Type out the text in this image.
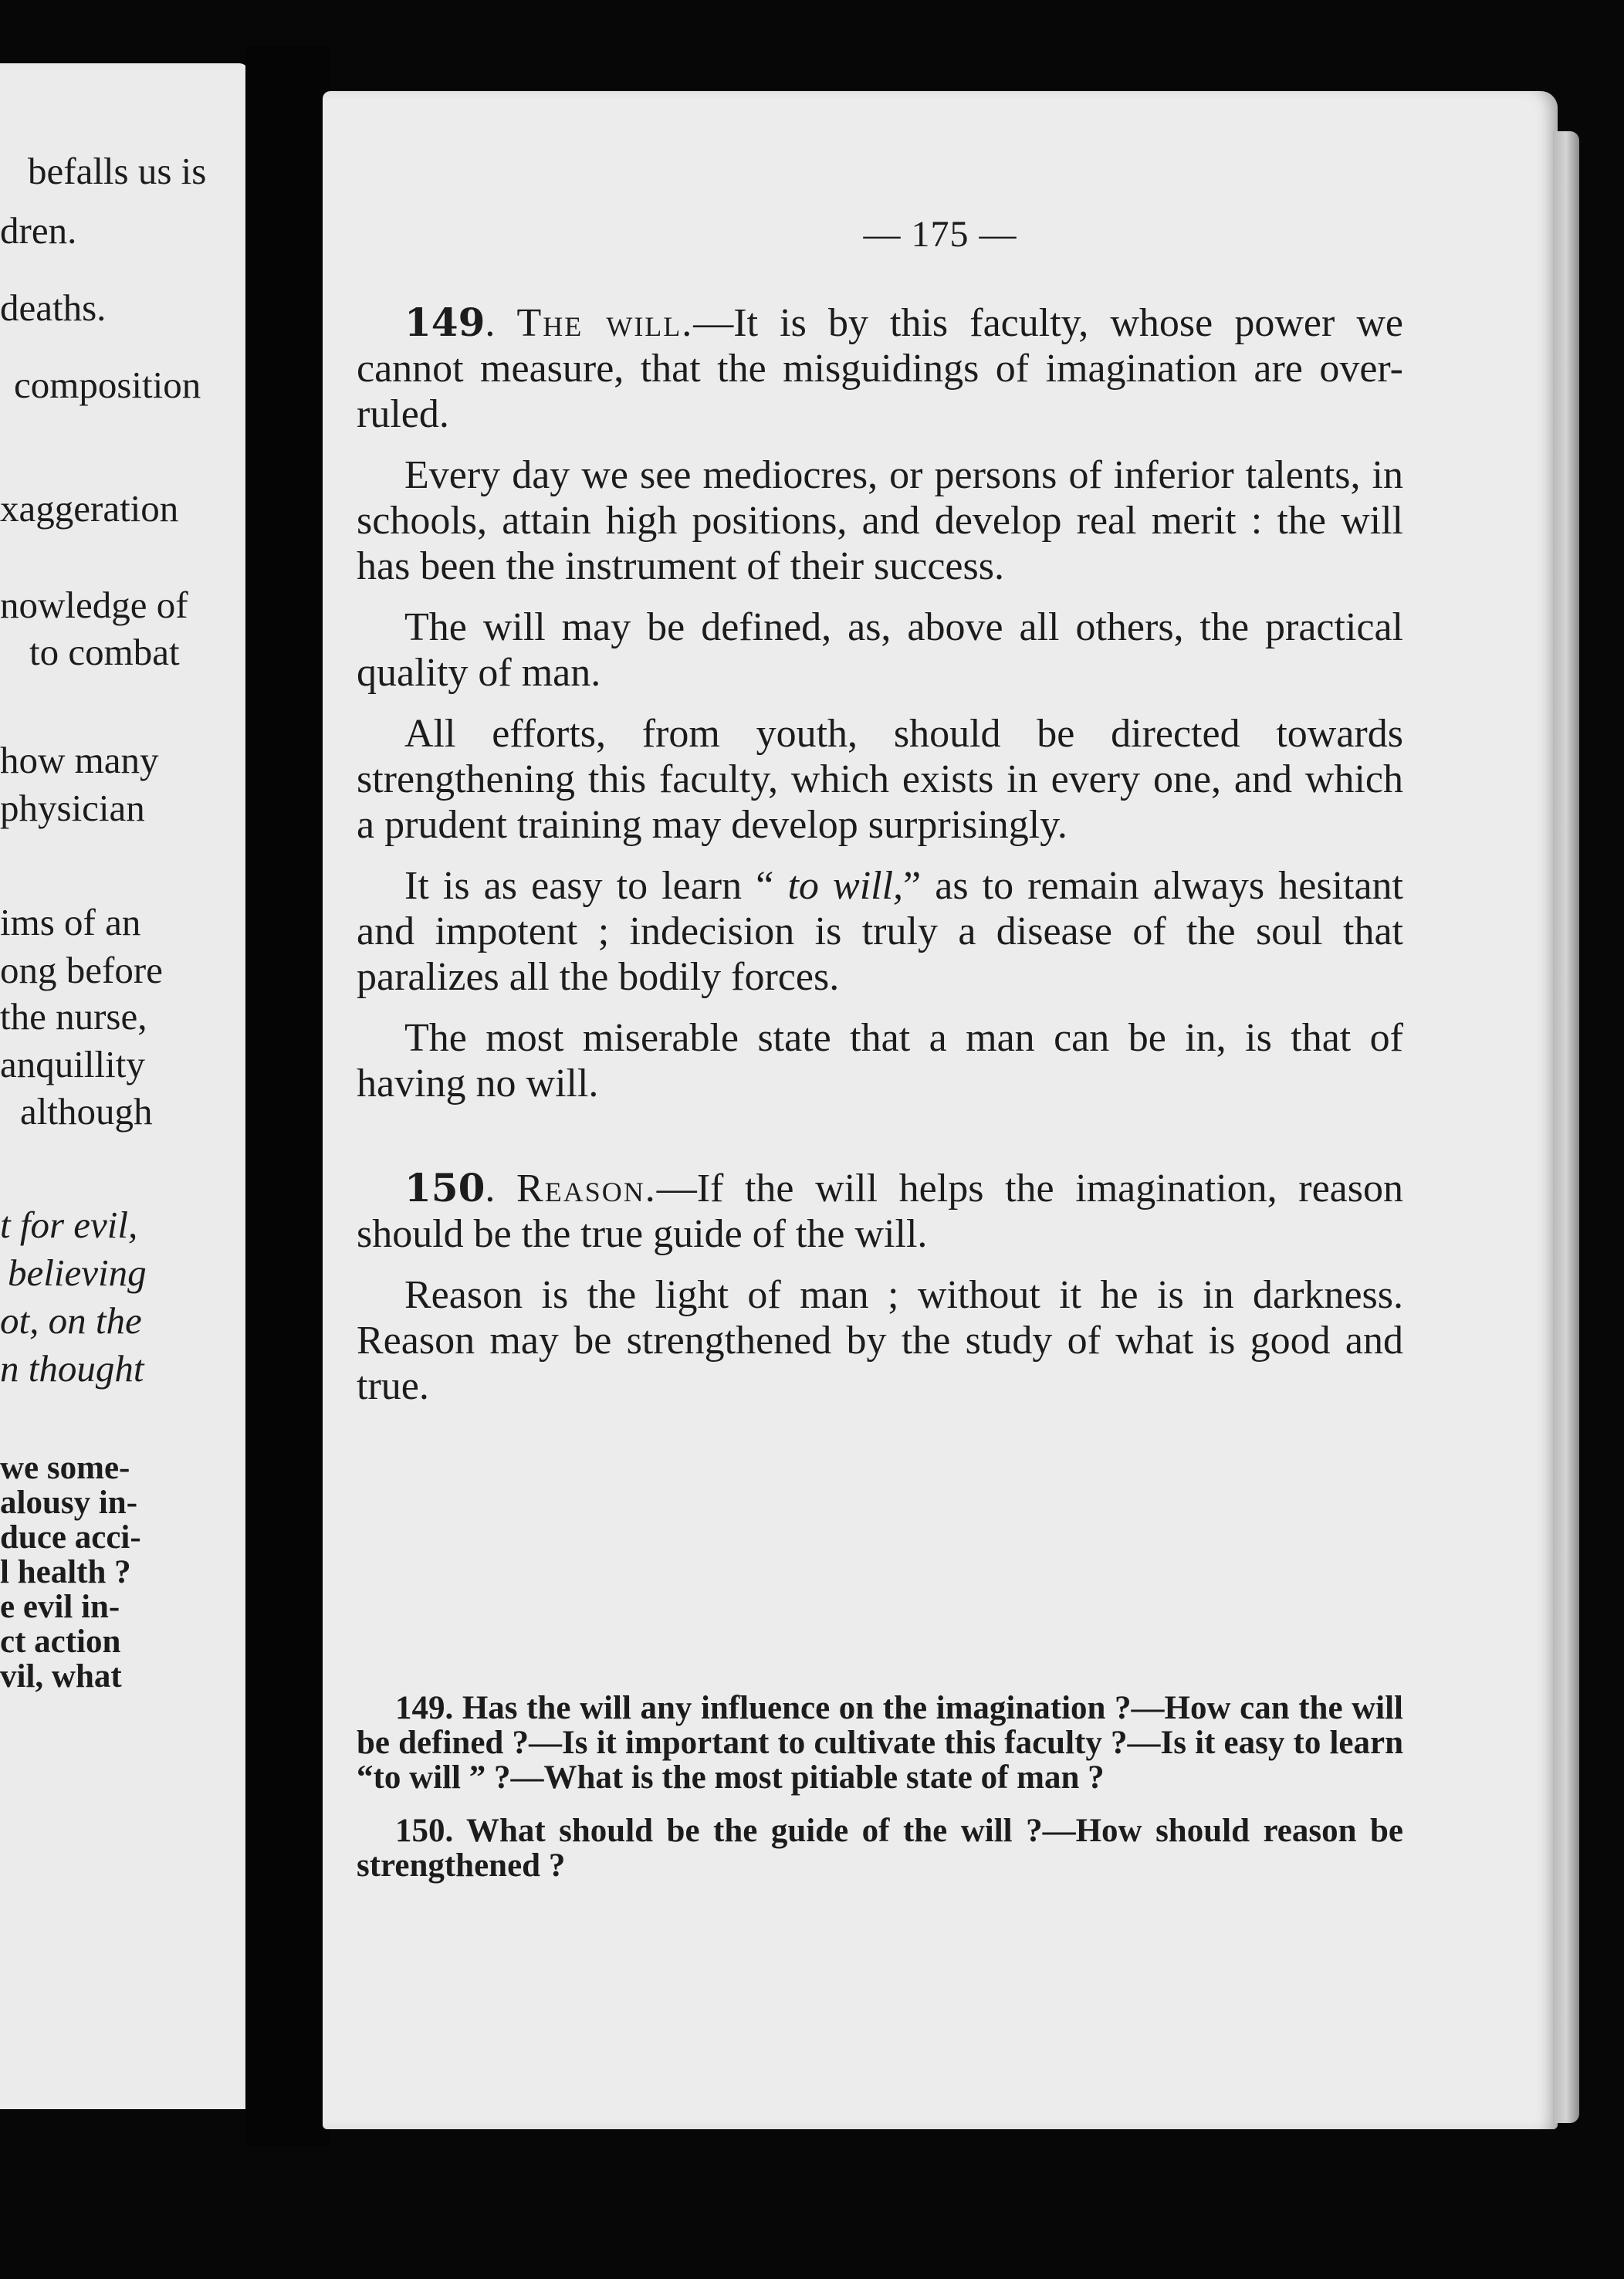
befalls us is
dren.
deaths.
composition
xaggeration
nowledge of
to combat
how many
physician
ims of an
ong before
the nurse,
anquillity
although
t for evil,
believing
ot, on the
n thought
we some-
alousy in-
duce acci-
l health ?
e evil in-
ct action
vil, what
— 175 —

149. The will.—It is by this faculty, whose power we cannot measure, that the misguidings of imagination are over-ruled.

Every day we see mediocres, or persons of inferior talents, in schools, attain high positions, and develop real merit : the will has been the instrument of their success.

The will may be defined, as, above all others, the practical quality of man.

All efforts, from youth, should be directed towards strengthening this faculty, which exists in every one, and which a prudent training may develop surprisingly.

It is as easy to learn “ to will,” as to remain always hesitant and impotent ; indecision is truly a disease of the soul that paralizes all the bodily forces.

The most miserable state that a man can be in, is that of having no will.

150. Reason.—If the will helps the imagination, reason should be the true guide of the will.

Reason is the light of man ; without it he is in darkness. Reason may be strengthened by the study of what is good and true.

149. Has the will any influence on the imagination ?—How can the will be defined ?—Is it important to cultivate this faculty ?—Is it easy to learn “to will ” ?—What is the most pitiable state of man ?

150. What should be the guide of the will ?—How should reason be strengthened ?
